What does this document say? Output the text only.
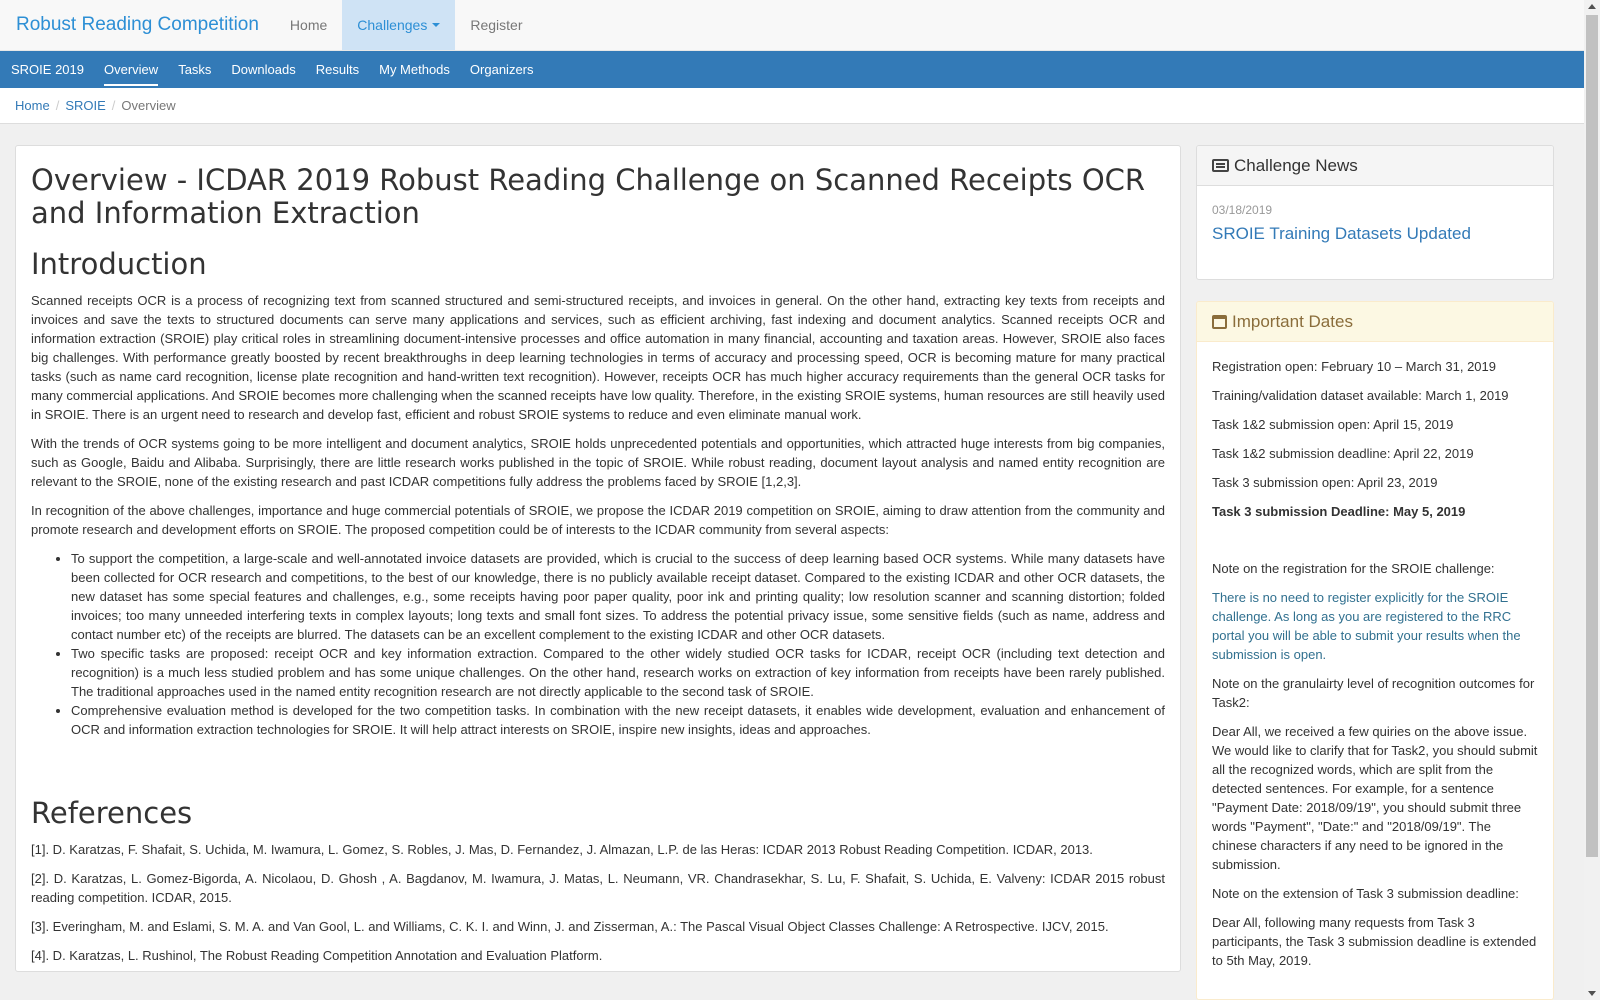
Robust Reading Competition	Home	Challenges	Register
SROIE 2019	Overview	Tasks	Downloads	Results	My Methods	Organizers
Home / SROIE / Overview
Overview - ICDAR 2019 Robust Reading Challenge on Scanned Receipts OCR and Information Extraction
Introduction

Scanned receipts OCR is a process of recognizing text from scanned structured and semi-structured receipts, and invoices in general. On the other hand, extracting key texts from receipts and invoices and save the texts to structured documents can serve many applications and services, such as efficient archiving, fast indexing and document analytics. Scanned receipts OCR and information extraction (SROIE) play critical roles in streamlining document-intensive processes and office automation in many financial, accounting and taxation areas. However, SROIE also faces big challenges. With performance greatly boosted by recent breakthroughs in deep learning technologies in terms of accuracy and processing speed, OCR is becoming mature for many practical tasks (such as name card recognition, license plate recognition and hand-written text recognition). However, receipts OCR has much higher accuracy requirements than the general OCR tasks for many commercial applications. And SROIE becomes more challenging when the scanned receipts have low quality. Therefore, in the existing SROIE systems, human resources are still heavily used in SROIE. There is an urgent need to research and develop fast, efficient and robust SROIE systems to reduce and even eliminate manual work.

With the trends of OCR systems going to be more intelligent and document analytics, SROIE holds unprecedented potentials and opportunities, which attracted huge interests from big companies, such as Google, Baidu and Alibaba. Surprisingly, there are little research works published in the topic of SROIE. While robust reading, document layout analysis and named entity recognition are relevant to the SROIE, none of the existing research and past ICDAR competitions fully address the problems faced by SROIE [1,2,3].

In recognition of the above challenges, importance and huge commercial potentials of SROIE, we propose the ICDAR 2019 competition on SROIE, aiming to draw attention from the community and promote research and development efforts on SROIE. The proposed competition could be of interests to the ICDAR community from several aspects:

• To support the competition, a large-scale and well-annotated invoice datasets are provided, which is crucial to the success of deep learning based OCR systems. While many datasets have been collected for OCR research and competitions, to the best of our knowledge, there is no publicly available receipt dataset. Compared to the existing ICDAR and other OCR datasets, the new dataset has some special features and challenges, e.g., some receipts having poor paper quality, poor ink and printing quality; low resolution scanner and scanning distortion; folded invoices; too many unneeded interfering texts in complex layouts; long texts and small font sizes. To address the potential privacy issue, some sensitive fields (such as name, address and contact number etc) of the receipts are blurred. The datasets can be an excellent complement to the existing ICDAR and other OCR datasets.
• Two specific tasks are proposed: receipt OCR and key information extraction. Compared to the other widely studied OCR tasks for ICDAR, receipt OCR (including text detection and recognition) is a much less studied problem and has some unique challenges. On the other hand, research works on extraction of key information from receipts have been rarely published. The traditional approaches used in the named entity recognition research are not directly applicable to the second task of SROIE.
• Comprehensive evaluation method is developed for the two competition tasks. In combination with the new receipt datasets, it enables wide development, evaluation and enhancement of OCR and information extraction technologies for SROIE. It will help attract interests on SROIE, inspire new insights, ideas and approaches.
References

[1]. D. Karatzas, F. Shafait, S. Uchida, M. Iwamura, L. Gomez, S. Robles, J. Mas, D. Fernandez, J. Almazan, L.P. de las Heras: ICDAR 2013 Robust Reading Competition. ICDAR, 2013.

[2]. D. Karatzas, L. Gomez-Bigorda, A. Nicolaou, D. Ghosh , A. Bagdanov, M. Iwamura, J. Matas, L. Neumann, VR. Chandrasekhar, S. Lu, F. Shafait, S. Uchida, E. Valveny: ICDAR 2015 robust reading competition. ICDAR, 2015.

[3]. Everingham, M. and Eslami, S. M. A. and Van Gool, L. and Williams, C. K. I. and Winn, J. and Zisserman, A.: The Pascal Visual Object Classes Challenge: A Retrospective. IJCV, 2015.

[4]. D. Karatzas, L. Rushinol, The Robust Reading Competition Annotation and Evaluation Platform.

Challenge News
03/18/2019
SROIE Training Datasets Updated
Important Dates

Registration open: February 10 – March 31, 2019

Training/validation dataset available: March 1, 2019

Task 1&2 submission open: April 15, 2019

Task 1&2 submission deadline: April 22, 2019

Task 3 submission open: April 23, 2019

Task 3 submission Deadline: May 5, 2019

Note on the registration for the SROIE challenge:

There is no need to register explicitly for the SROIE challenge. As long as you are registered to the RRC portal you will be able to submit your results when the submission is open.

Note on the granulairty level of recognition outcomes for Task2:

Dear All, we received a few quiries on the above issue. We would like to clarify that for Task2, you should submit all the recognized words, which are split from the detected sentences. For example, for a sentence "Payment Date: 2018/09/19", you should submit three words "Payment", "Date:" and "2018/09/19". The chinese characters if any need to be ignored in the submission.

Note on the extension of Task 3 submission deadline:

Dear All, following many requests from Task 3 participants, the Task 3 submission deadline is extended to 5th May, 2019.
